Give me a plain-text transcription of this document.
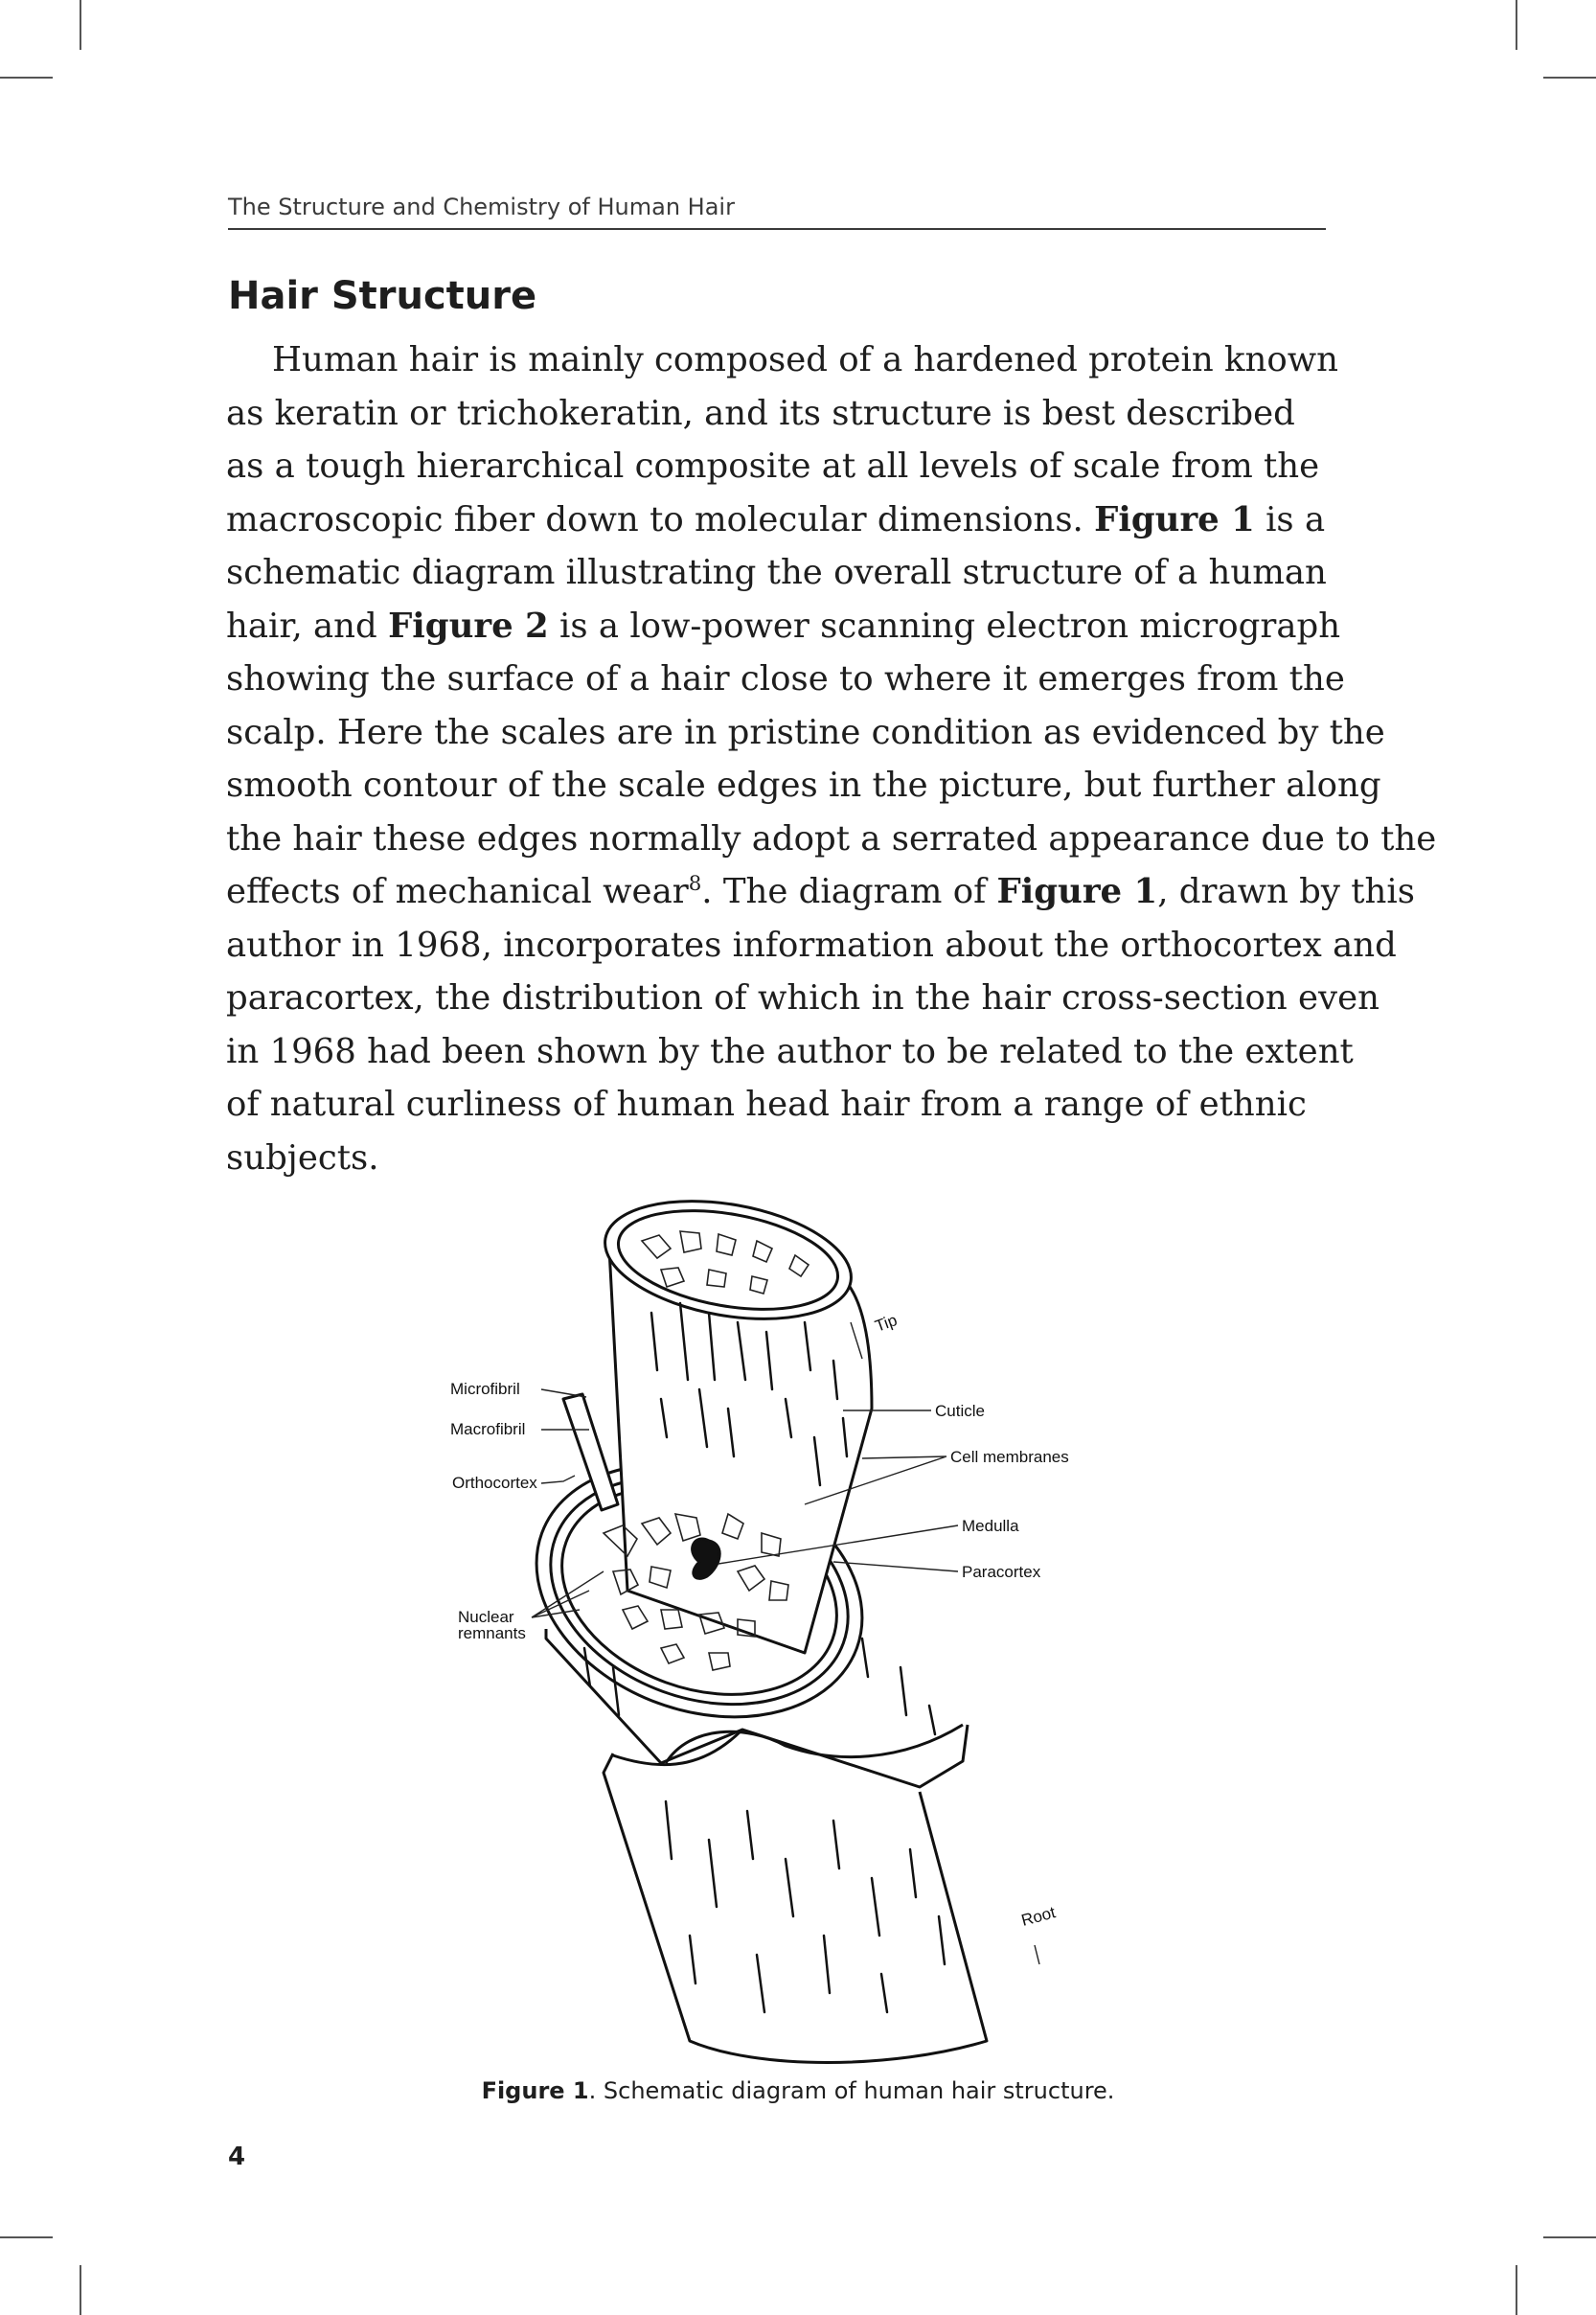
The Structure and Chemistry of Human Hair
Hair Structure

Human hair is mainly composed of a hardened protein known
as keratin or trichokeratin, and its structure is best described
as a tough hierarchical composite at all levels of scale from the
macroscopic fiber down to molecular dimensions. Figure 1 is a
schematic diagram illustrating the overall structure of a human
hair, and Figure 2 is a low-power scanning electron micrograph
showing the surface of a hair close to where it emerges from the
scalp. Here the scales are in pristine condition as evidenced by the
smooth contour of the scale edges in the picture, but further along
the hair these edges normally adopt a serrated appearance due to the
effects of mechanical wear$^8$. The diagram of Figure 1, drawn by this
author in 1968, incorporates information about the orthocortex and
paracortex, the distribution of which in the hair cross-section even
in 1968 had been shown by the author to be related to the extent
of natural curliness of human head hair from a range of ethnic
subjects.

Tip
Microfibril
Macrofibril
Orthocortex
Cuticle
Cell membranes
Medulla
Paracortex
Nuclear
remnants
Root
Figure 1. Schematic diagram of human hair structure.
4
